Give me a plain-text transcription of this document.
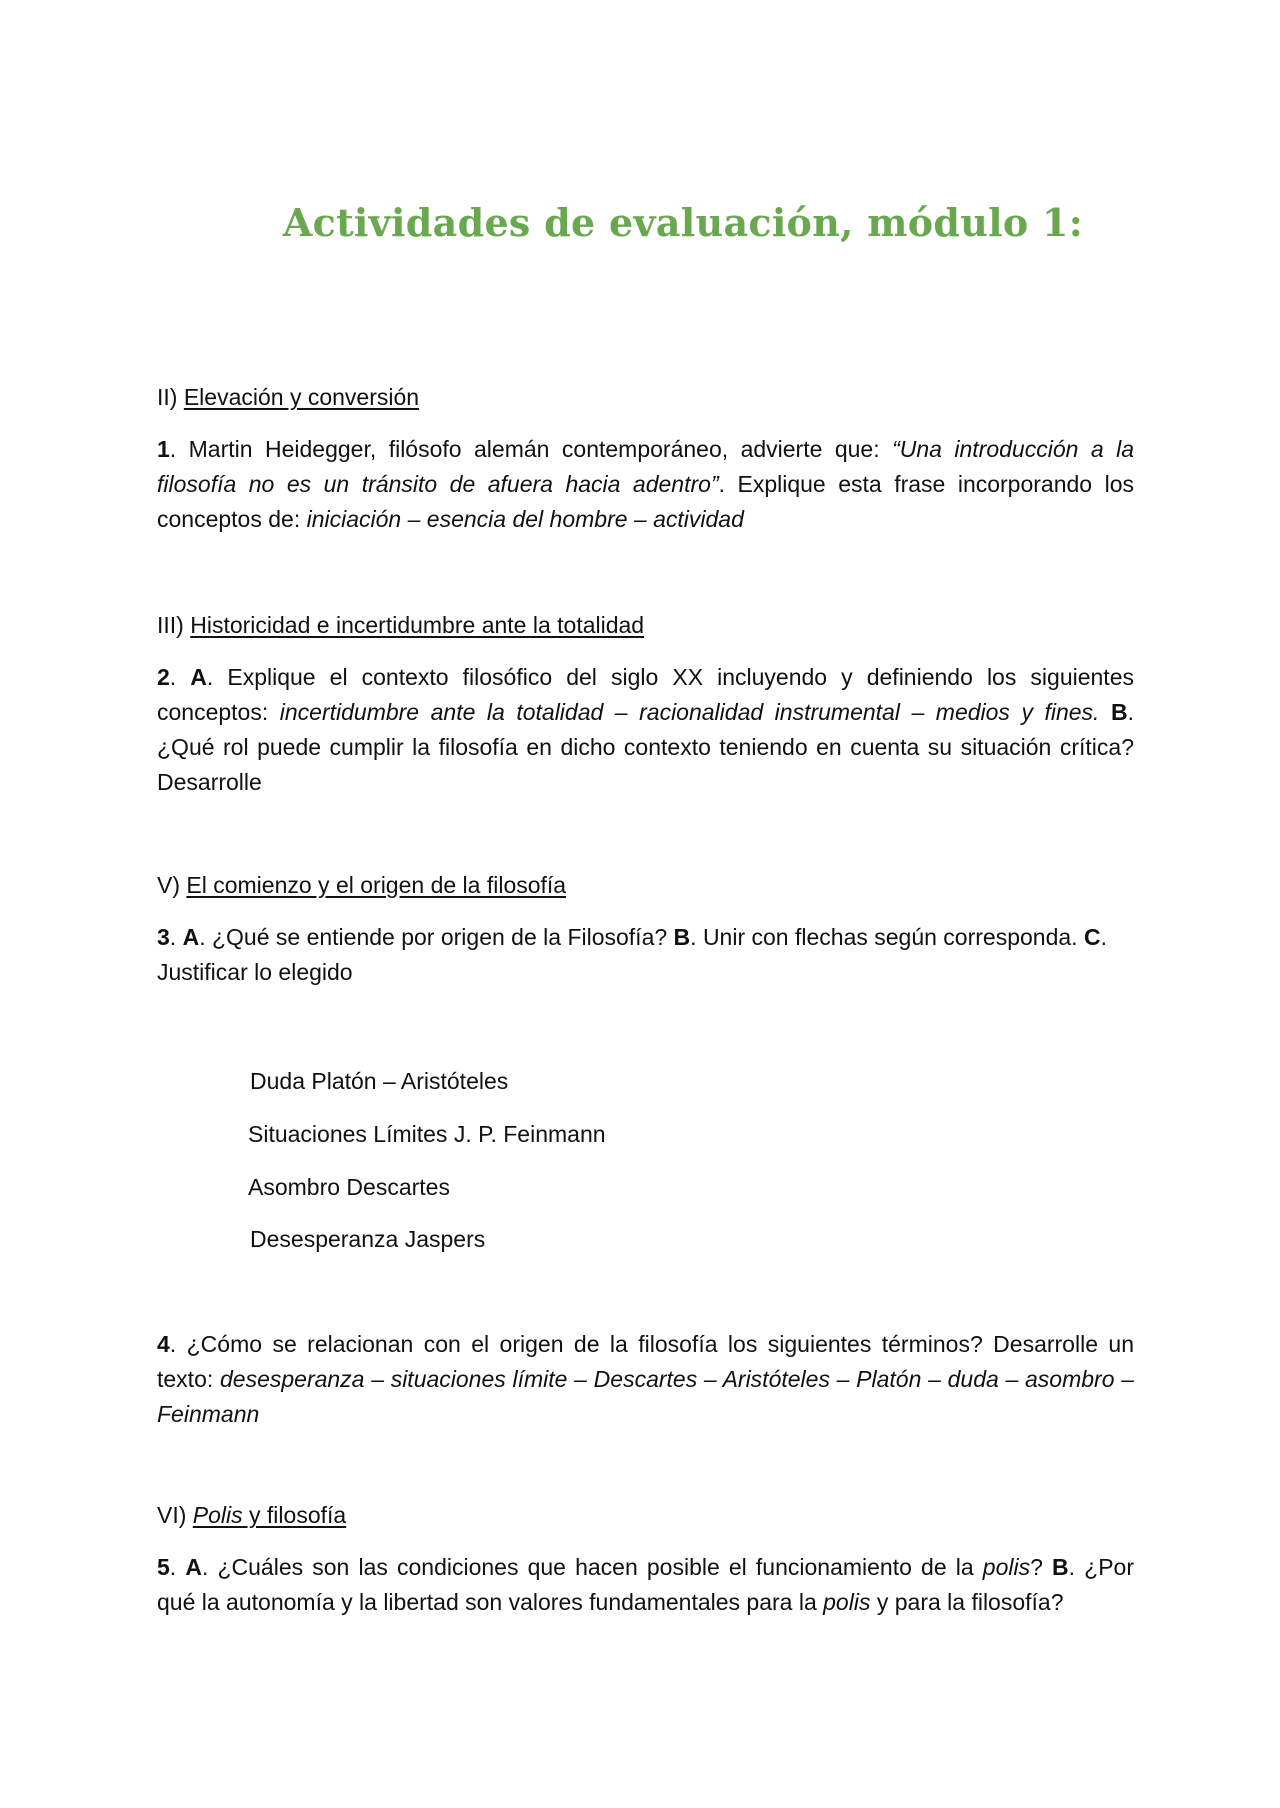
Actividades de evaluación, módulo 1:
II) Elevación y conversión
1. Martin Heidegger, filósofo alemán contemporáneo, advierte que: “Una introducción a la filosofía no es un tránsito de afuera hacia adentro”. Explique esta frase incorporando los conceptos de: iniciación – esencia del hombre – actividad
III) Historicidad e incertidumbre ante la totalidad
2. A. Explique el contexto filosófico del siglo XX incluyendo y definiendo los siguientes conceptos: incertidumbre ante la totalidad – racionalidad instrumental – medios y fines. B. ¿Qué rol puede cumplir la filosofía en dicho contexto teniendo en cuenta su situación crítica? Desarrolle
V) El comienzo y el origen de la filosofía
3. A. ¿Qué se entiende por origen de la Filosofía? B. Unir con flechas según corresponda. C. Justificar lo elegido
Duda Platón – Aristóteles
Situaciones Límites J. P. Feinmann
Asombro Descartes
Desesperanza Jaspers
4. ¿Cómo se relacionan con el origen de la filosofía los siguientes términos? Desarrolle un texto: desesperanza – situaciones límite – Descartes – Aristóteles – Platón – duda – asombro – Feinmann
VI) Polis y filosofía
5. A. ¿Cuáles son las condiciones que hacen posible el funcionamiento de la polis? B. ¿Por qué la autonomía y la libertad son valores fundamentales para la polis y para la filosofía?
